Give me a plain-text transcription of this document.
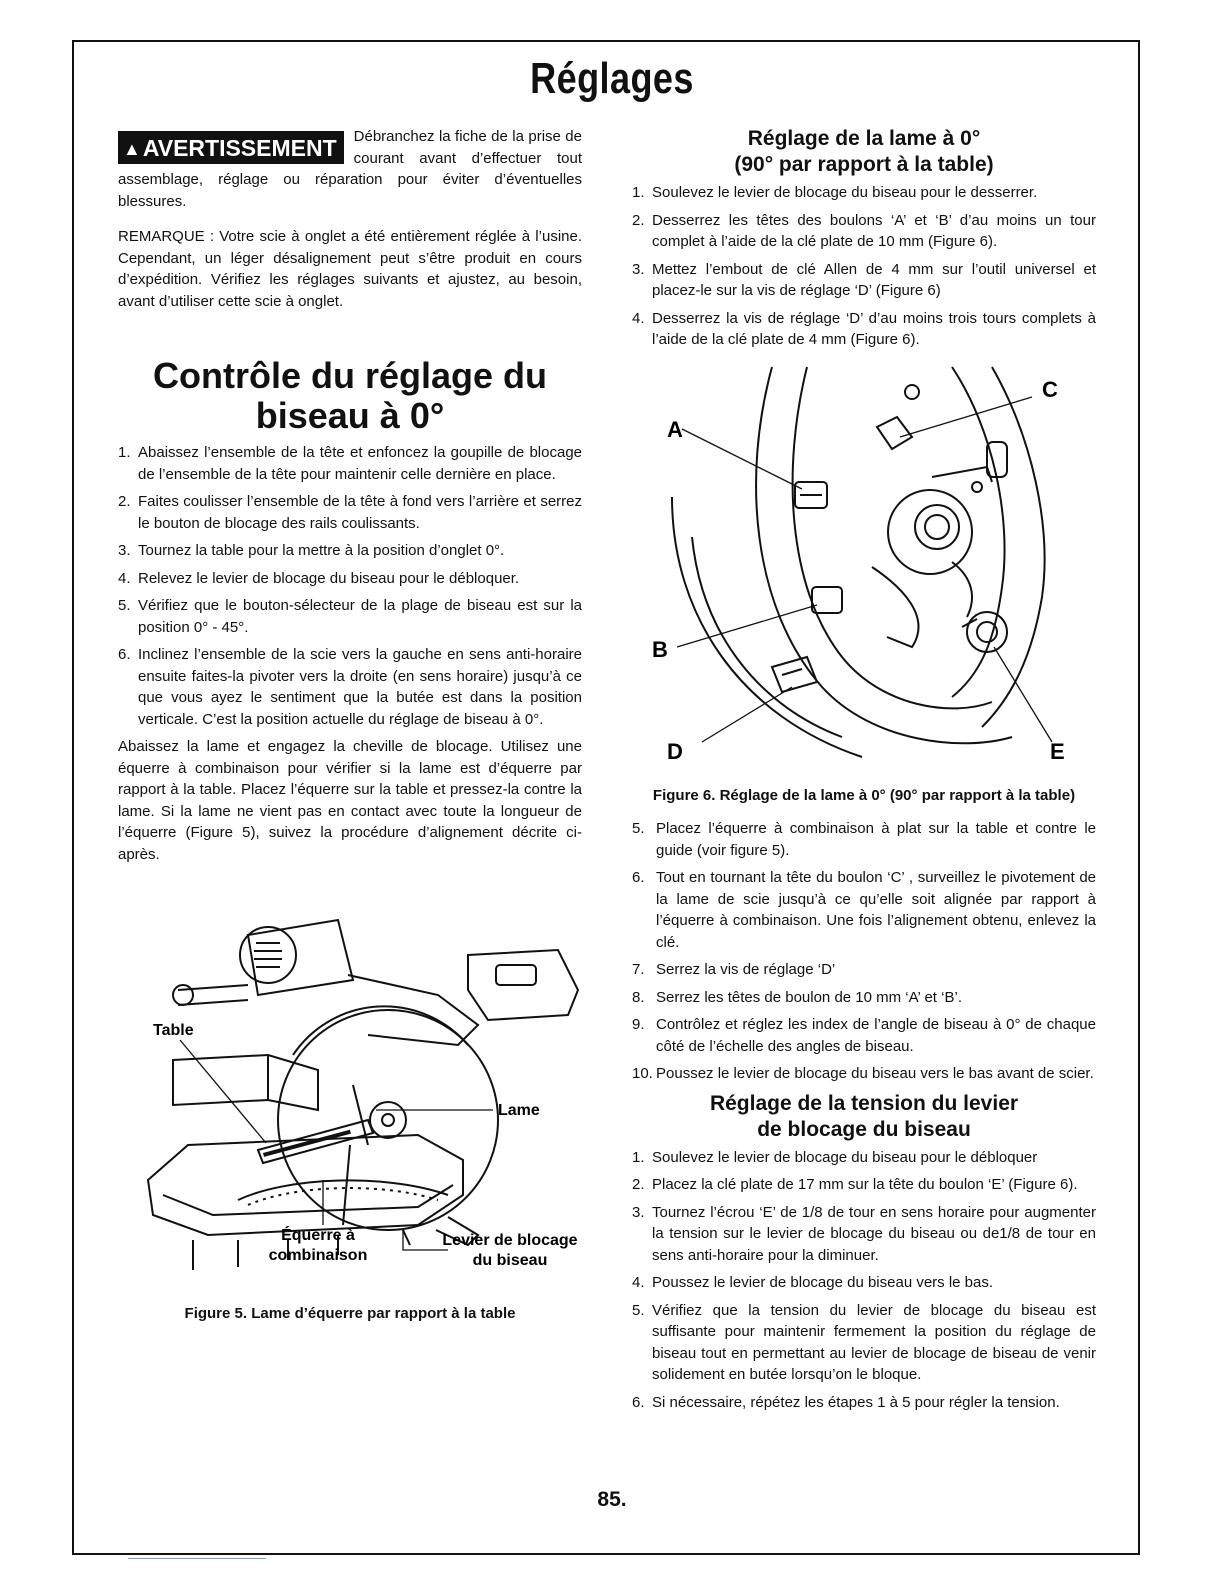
Réglages

▲AVERTISSEMENT	Débranchez la fiche de la prise de courant avant d’effectuer tout assemblage, réglage ou réparation pour éviter d’éventuelles blessures.

REMARQUE : Votre scie à onglet a été entièrement réglée à l’usine. Cependant, un léger désalignement peut s’être produit en cours d’expédition. Vérifiez les réglages suivants et ajustez, au besoin, avant d’utiliser cette scie à onglet.

Contrôle du réglage du
biseau à 0°
1. Abaissez l’ensemble de la tête et enfoncez la goupille de blocage de l’ensemble de la tête pour maintenir celle dernière en place.
2. Faites coulisser l’ensemble de la tête à fond vers l’arrière et serrez le bouton de blocage des rails coulissants.
3. Tournez la table pour la mettre à la position d’onglet 0°.
4. Relevez le levier de blocage du biseau pour le débloquer.
5. Vérifiez que le bouton-sélecteur de la plage de biseau est sur la position 0° - 45°.
6. Inclinez l’ensemble de la scie vers la gauche en sens anti-horaire ensuite faites-la pivoter vers la droite (en sens horaire) jusqu’à ce que vous ayez le sentiment que la butée est dans la position verticale. C’est la position actuelle du réglage de biseau à 0°.

Abaissez la lame et engagez la cheville de blocage. Utilisez une équerre à combinaison pour vérifier si la lame est d’équerre par rapport à la table. Placez l’équerre sur la table et pressez-la contre la lame. Si la lame ne vient pas en contact avec toute la longueur de l’équerre (Figure 5), suivez la procédure d’alignement décrite ci-après.

Table
Lame
Équerre à
combinaison
Levier de blocage
du biseau
Figure 5. Lame d’équerre par rapport à la table
Réglage de la lame à 0°
(90° par rapport à la table)
1. Soulevez le levier de blocage du biseau pour le desserrer.
2. Desserrez les têtes des boulons ‘A’ et ‘B’ d’au moins un tour complet à l’aide de la clé plate de 10 mm (Figure 6).
3. Mettez l’embout de clé Allen de 4 mm sur l’outil universel et placez-le sur la vis de réglage ‘D’ (Figure 6)
4. Desserrez la vis de réglage ‘D’ d’au moins trois tours complets à l’aide de la clé plate de 4 mm (Figure 6).
A
B
C
D	E
Figure 6. Réglage de la lame à 0° (90° par rapport à la table)
5. Placez l’équerre à combinaison à plat sur la table et contre le guide (voir figure 5).
6. Tout en tournant la tête du boulon ‘C’ , surveillez le pivotement de la lame de scie jusqu’à ce qu’elle soit alignée par rapport à l’équerre à combinaison. Une fois l’alignement obtenu, enlevez la clé.
7. Serrez la vis de réglage ‘D’
8. Serrez les têtes de boulon de 10 mm ‘A’ et ‘B’.
9. Contrôlez et réglez les index de l’angle de biseau à 0° de chaque côté de l’échelle des angles de biseau.
10. Poussez le levier de blocage du biseau vers le bas avant de scier.
Réglage de la tension du levier
de blocage du biseau
1. Soulevez le levier de blocage du biseau pour le débloquer
2. Placez la clé plate de 17 mm sur la tête du boulon ‘E’ (Figure 6).
3. Tournez l’écrou ‘E’ de 1/8 de tour en sens horaire pour augmenter la tension sur le levier de blocage du biseau ou de1/8 de tour en sens anti-horaire pour la diminuer.
4. Poussez le levier de blocage du biseau vers le bas.
5. Vérifiez que la tension du levier de blocage du biseau est suffisante pour maintenir fermement la position du réglage de biseau tout en permettant au levier de blocage de biseau de venir solidement en butée lorsqu’on le bloque.
6. Si nécessaire, répétez les étapes 1 à 5 pour régler la tension.
85.
